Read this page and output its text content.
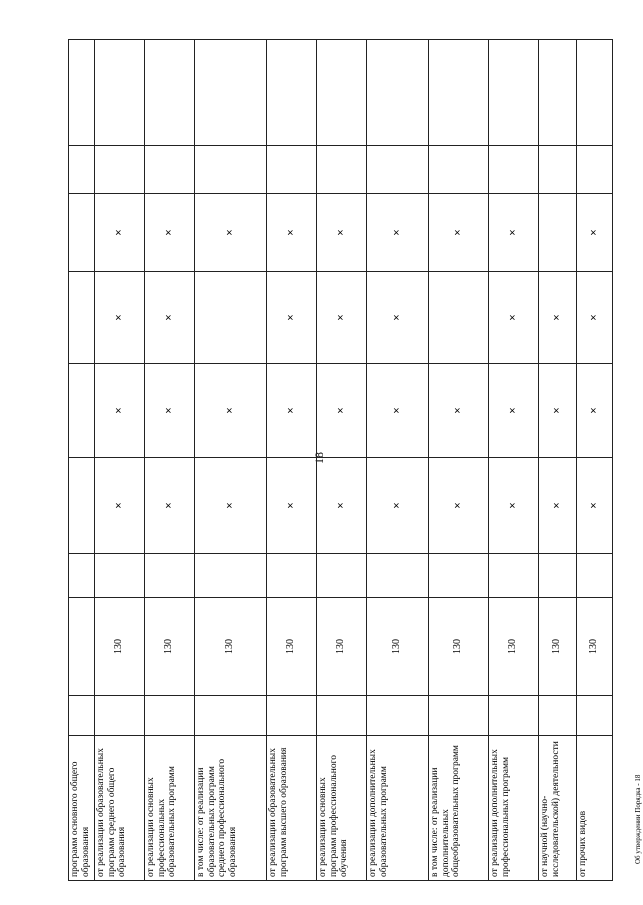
18
программ основного общего образования									
от реализации образовательных программ среднего общего образования		130		×	×	×	×		
от реализации основных профессиональных образовательных программ		130		×	×	×	×		
в том числе: от реализации образовательных программ среднего профессионального образования		130		×	×		×		
от реализации образовательных программ высшего образования		130		×	×	×	×		
от реализации основных программ профессионального обучения		130		×	×	×	×		
от реализации дополнительных образовательных программ		130		×	×	×	×		
в том числе: от реализации дополнительных общеобразовательных программ		130		×	×		×		
от реализации дополнительных профессиональных программ		130		×	×	×	×		
от научной (научно-исследовательской) деятельности		130		×	×	×			
от прочих видов		130		×	×	×	×		
Об утверждении Порядка - 18
